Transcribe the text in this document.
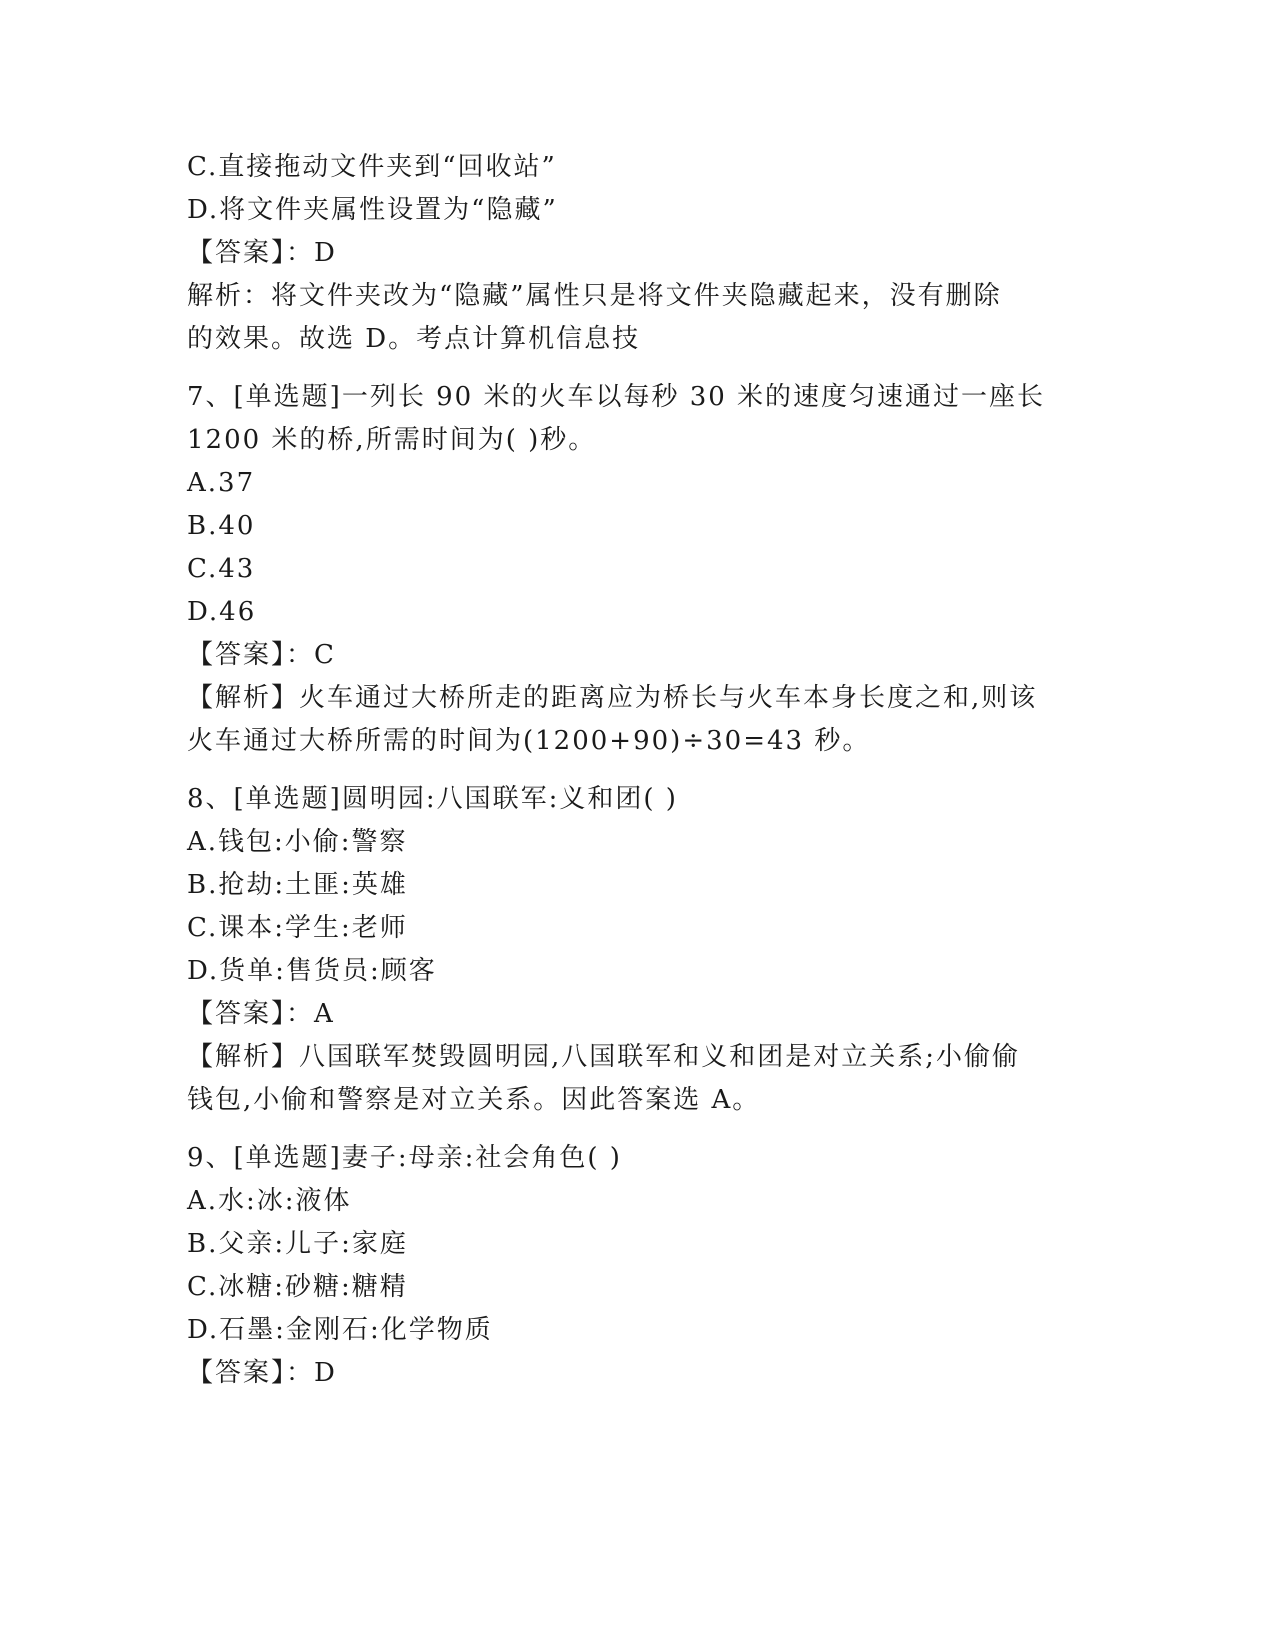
C.直接拖动文件夹到“回收站”
D.将文件夹属性设置为“隐藏”
【答案】：D
解析：将文件夹改为“隐藏”属性只是将文件夹隐藏起来，没有删除
的效果。故选 D。考点计算机信息技
7、[单选题]一列长 90 米的火车以每秒 30 米的速度匀速通过一座长
1200 米的桥,所需时间为( )秒。
A.37
B.40
C.43
D.46
【答案】：C
【解析】火车通过大桥所走的距离应为桥长与火车本身长度之和,则该
火车通过大桥所需的时间为(1200+90)÷30=43 秒。
8、[单选题]圆明园:八国联军:义和团( )
A.钱包:小偷:警察
B.抢劫:土匪:英雄
C.课本:学生:老师
D.货单:售货员:顾客
【答案】：A
【解析】八国联军焚毁圆明园,八国联军和义和团是对立关系;小偷偷
钱包,小偷和警察是对立关系。因此答案选 A。
9、[单选题]妻子:母亲:社会角色( )
A.水:冰:液体
B.父亲:儿子:家庭
C.冰糖:砂糖:糖精
D.石墨:金刚石:化学物质
【答案】：D
